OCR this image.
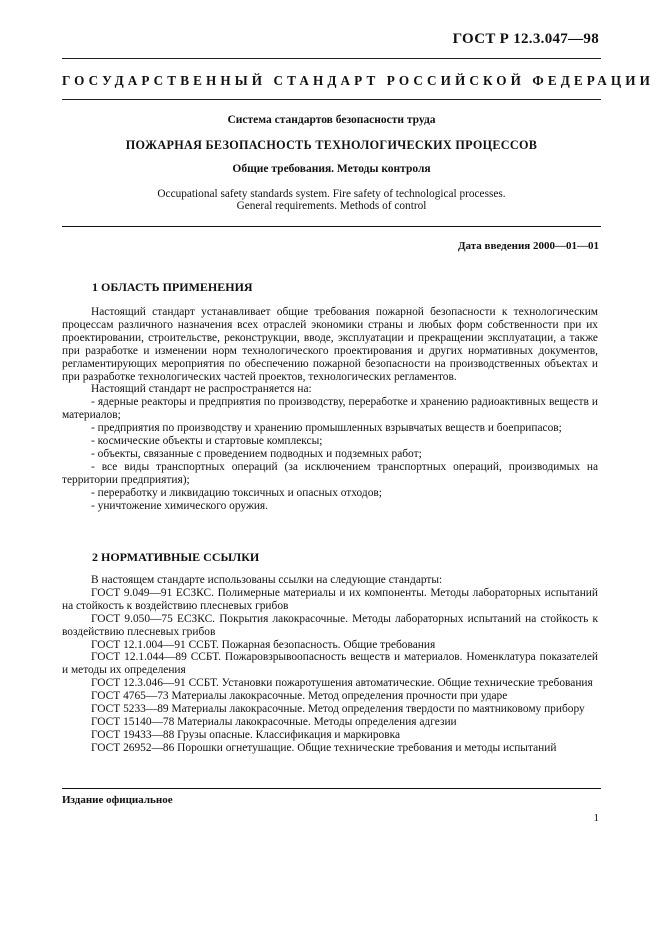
ГОСТ Р 12.3.047—98
ГОСУДАРСТВЕННЫЙ СТАНДАРТ РОССИЙСКОЙ ФЕДЕРАЦИИ
Система стандартов безопасности труда
ПОЖАРНАЯ БЕЗОПАСНОСТЬ ТЕХНОЛОГИЧЕСКИХ ПРОЦЕССОВ
Общие требования. Методы контроля
Occupational safety standards system. Fire safety of technological processes.
General requirements. Methods of control
Дата введения 2000—01—01
1 ОБЛАСТЬ ПРИМЕНЕНИЯ

Настоящий стандарт устанавливает общие требования пожарной безопасности к технологическим процессам различного назначения всех отраслей экономики страны и любых форм собственности при их проектировании, строительстве, реконструкции, вводе, эксплуатации и прекращении эксплуатации, а также при разработке и изменении норм технологического проектирования и других нормативных документов, регламентирующих мероприятия по обеспечению пожарной безопасности на производственных объектах и при разработке технологических частей проектов, технологических регламентов.

Настоящий стандарт не распространяется на:

- ядерные реакторы и предприятия по производству, переработке и хранению радиоактивных веществ и материалов;

- предприятия по производству и хранению промышленных взрывчатых веществ и боеприпасов;

- космические объекты и стартовые комплексы;

- объекты, связанные с проведением подводных и подземных работ;

- все виды транспортных операций (за исключением транспортных операций, производимых на территории предприятия);

- переработку и ликвидацию токсичных и опасных отходов;

- уничтожение химического оружия.

2 НОРМАТИВНЫЕ ССЫЛКИ

В настоящем стандарте использованы ссылки на следующие стандарты:

ГОСТ 9.049—91 ЕСЗКС. Полимерные материалы и их компоненты. Методы лабораторных испытаний на стойкость к воздействию плесневых грибов

ГОСТ 9.050—75 ЕСЗКС. Покрытия лакокрасочные. Методы лабораторных испытаний на стойкость к воздействию плесневых грибов

ГОСТ 12.1.004—91 ССБТ. Пожарная безопасность. Общие требования

ГОСТ 12.1.044—89 ССБТ. Пожаровзрывоопасность веществ и материалов. Номенклатура показателей и методы их определения

ГОСТ 12.3.046—91 ССБТ. Установки пожаротушения автоматические. Общие технические требования

ГОСТ 4765—73 Материалы лакокрасочные. Метод определения прочности при ударе

ГОСТ 5233—89 Материалы лакокрасочные. Метод определения твердости по маятниковому прибору

ГОСТ 15140—78 Материалы лакокрасочные. Методы определения адгезии

ГОСТ 19433—88 Грузы опасные. Классификация и маркировка

ГОСТ 26952—86 Порошки огнетушащие. Общие технические требования и методы испытаний

Издание официальное
1
